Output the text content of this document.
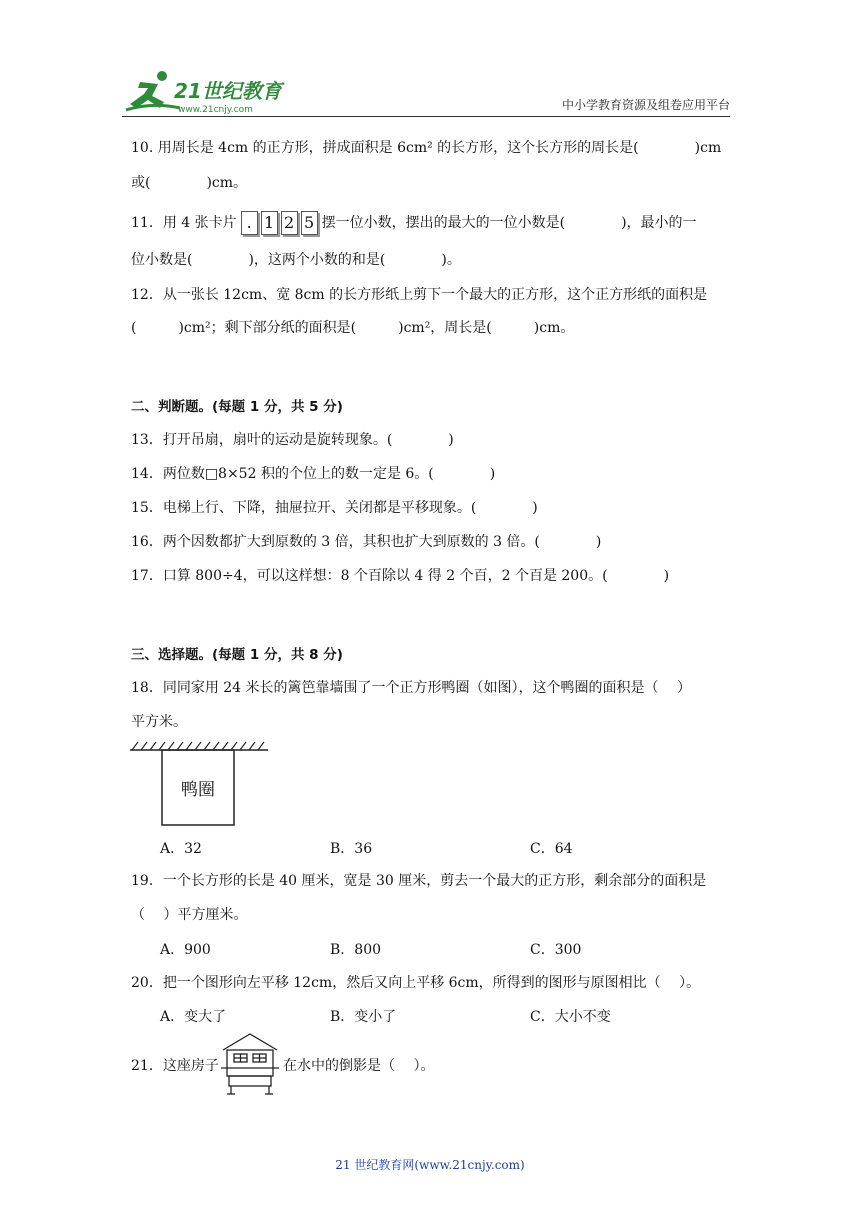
21世纪教育
www.21cnjy.com	中小学教育资源及组卷应用平台
10. 用周长是 4cm 的正方形，拼成面积是 6cm² 的长方形，这个长方形的周长是(　　　　)cm
或(　　　　)cm。
11．用 4 张卡片 . 1 2 5 摆一位小数，摆出的最大的一位小数是(　　　　)，最小的一
位小数是(　　　　)，这两个小数的和是(　　　　)。
12．从一张长 12cm、宽 8cm 的长方形纸上剪下一个最大的正方形，这个正方形纸的面积是
(　　　)cm²；剩下部分纸的面积是(　　　)cm²，周长是(　　　)cm。
二、判断题。(每题 1 分，共 5 分)
13．打开吊扇，扇叶的运动是旋转现象。(　　　　)
14．两位数□8×52 积的个位上的数一定是 6。(　　　　)
15．电梯上行、下降，抽屉拉开、关闭都是平移现象。(　　　　)
16．两个因数都扩大到原数的 3 倍，其积也扩大到原数的 3 倍。(　　　　)
17．口算 800÷4，可以这样想：8 个百除以 4 得 2 个百，2 个百是 200。(　　　　)
三、选择题。(每题 1 分，共 8 分)
18．同同家用 24 米长的篱笆靠墙围了一个正方形鸭圈（如图），这个鸭圈的面积是（　 ）
平方米。
鸭圈
A．32	B．36	C．64
19．一个长方形的长是 40 厘米，宽是 30 厘米，剪去一个最大的正方形，剩余部分的面积是
（　 ）平方厘米。
A．900	B．800	C．300
20．把一个图形向左平移 12cm，然后又向上平移 6cm，所得到的图形与原图相比（　 ）。
A．变大了	B．变小了	C．大小不变
21．这座房子	在水中的倒影是（　 ）。
21 世纪教育网(www.21cnjy.com)
